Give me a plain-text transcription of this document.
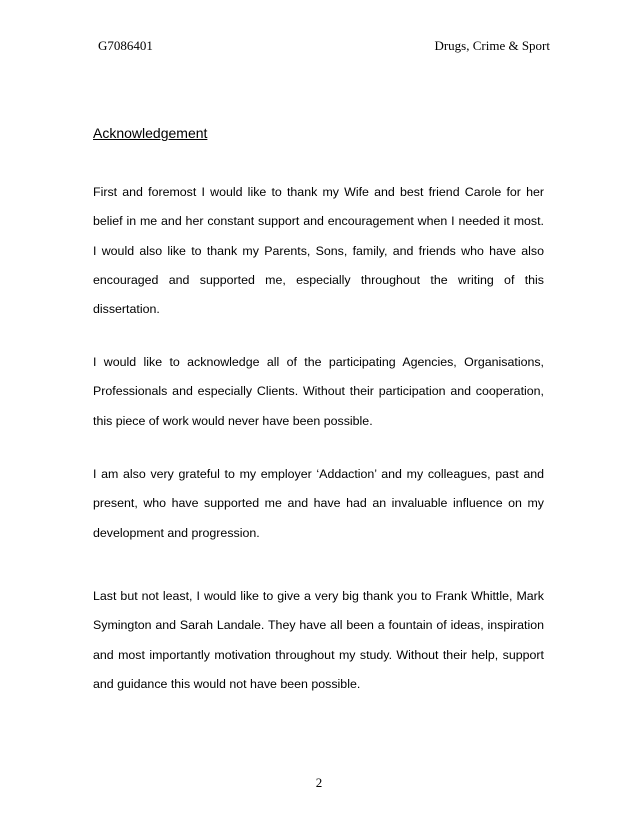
G7086401	Drugs, Crime & Sport
Acknowledgement
First and foremost I would like to thank my Wife and best friend Carole for her belief in me and her constant support and encouragement when I needed it most. I would also like to thank my Parents, Sons, family, and friends who have also encouraged and supported me, especially throughout the writing of this dissertation.
I would like to acknowledge all of the participating Agencies, Organisations, Professionals and especially Clients. Without their participation and cooperation, this piece of work would never have been possible.
I am also very grateful to my employer ‘Addaction’ and my colleagues, past and present, who have supported me and have had an invaluable influence on my development and progression.
Last but not least, I would like to give a very big thank you to Frank Whittle, Mark Symington and Sarah Landale. They have all been a fountain of ideas, inspiration and most importantly motivation throughout my study. Without their help, support and guidance this would not have been possible.
2
